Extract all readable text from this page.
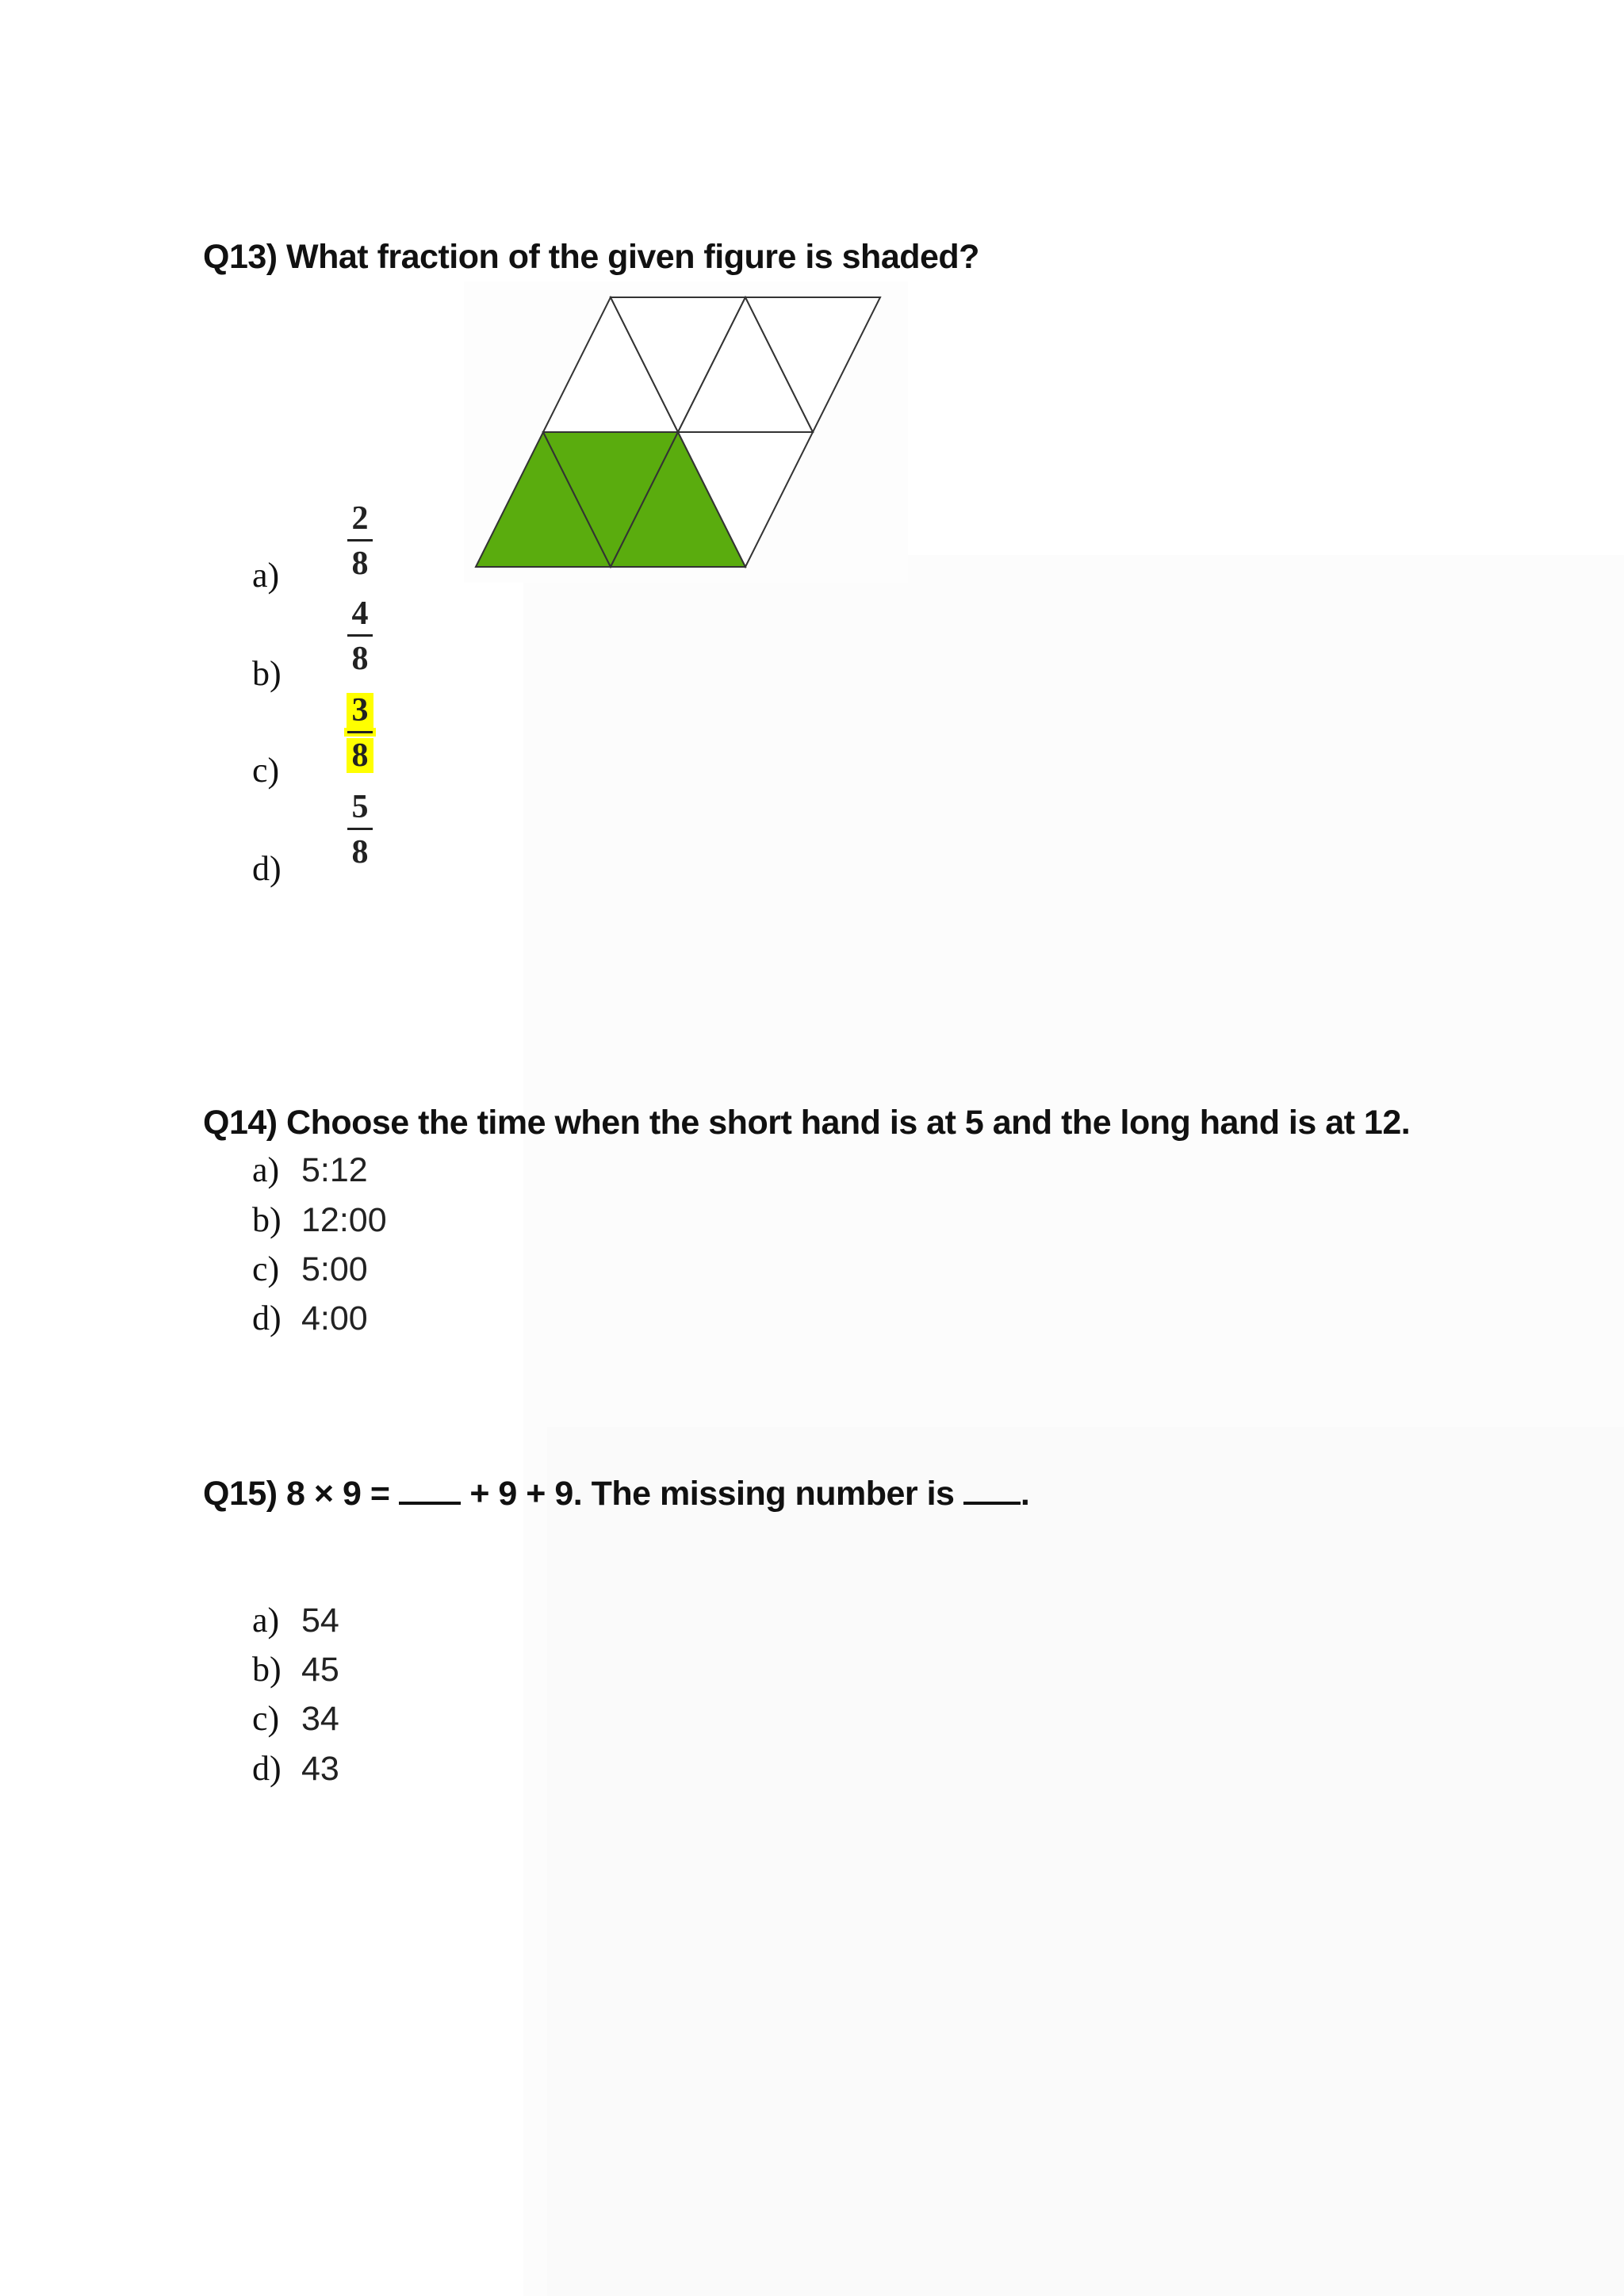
Q13) What fraction of the given figure is shaded?
a)
2
8
b)
4
8
c)
3
8
d)
5
8
Q14) Choose the time when the short hand is at 5 and the long hand is at 12.
a) 5:12
b) 12:00
c) 5:00
d) 4:00
Q15) 8 × 9 =  + 9 + 9. The missing number is .
a) 54
b) 45
c) 34
d) 43
